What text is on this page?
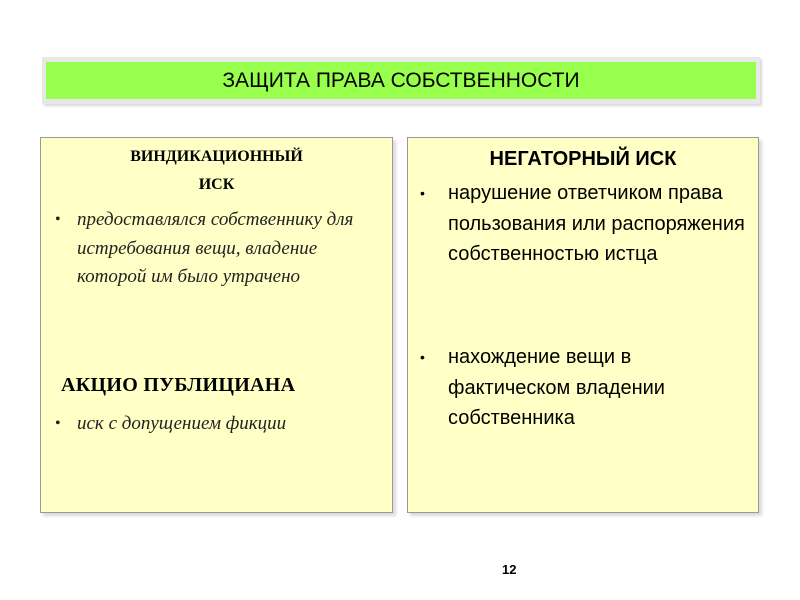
ЗАЩИТА ПРАВА СОБСТВЕННОСТИ
ВИНДИКАЦИОННЫЙ
ИСК
• предоставлялся собственнику для истребования вещи, владение которой им было утрачено
АКЦИО ПУБЛИЦИАНА
• иск с допущением фикции
НЕГАТОРНЫЙ ИСК
• нарушение ответчиком права пользования или распоряжения собственностью истца
• нахождение вещи в фактическом владении собственника
12
